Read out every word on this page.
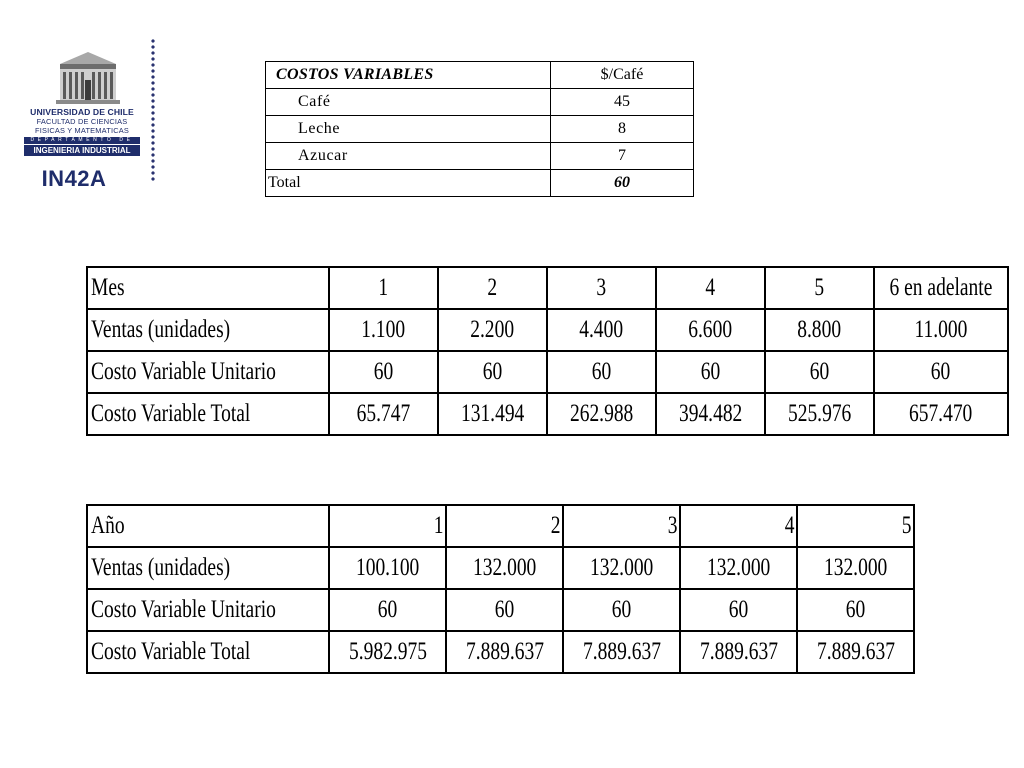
UNIVERSIDAD DE CHILE
FACULTAD DE CIENCIAS
FISICAS Y MATEMATICAS
DEPARTAMENTO DE
INGENIERIA INDUSTRIAL
IN42A
COSTOS VARIABLES	$/Café
Café	45
Leche	8
Azucar	7
Total	60
Mes	1	2	3	4	5	6 en adelante
Ventas (unidades)	1.100	2.200	4.400	6.600	8.800	11.000
Costo Variable Unitario	60	60	60	60	60	60
Costo Variable Total	65.747	131.494	262.988	394.482	525.976	657.470
Año	1	2	3	4	5
Ventas (unidades)	100.100	132.000	132.000	132.000	132.000
Costo Variable Unitario	60	60	60	60	60
Costo Variable Total	5.982.975	7.889.637	7.889.637	7.889.637	7.889.637
